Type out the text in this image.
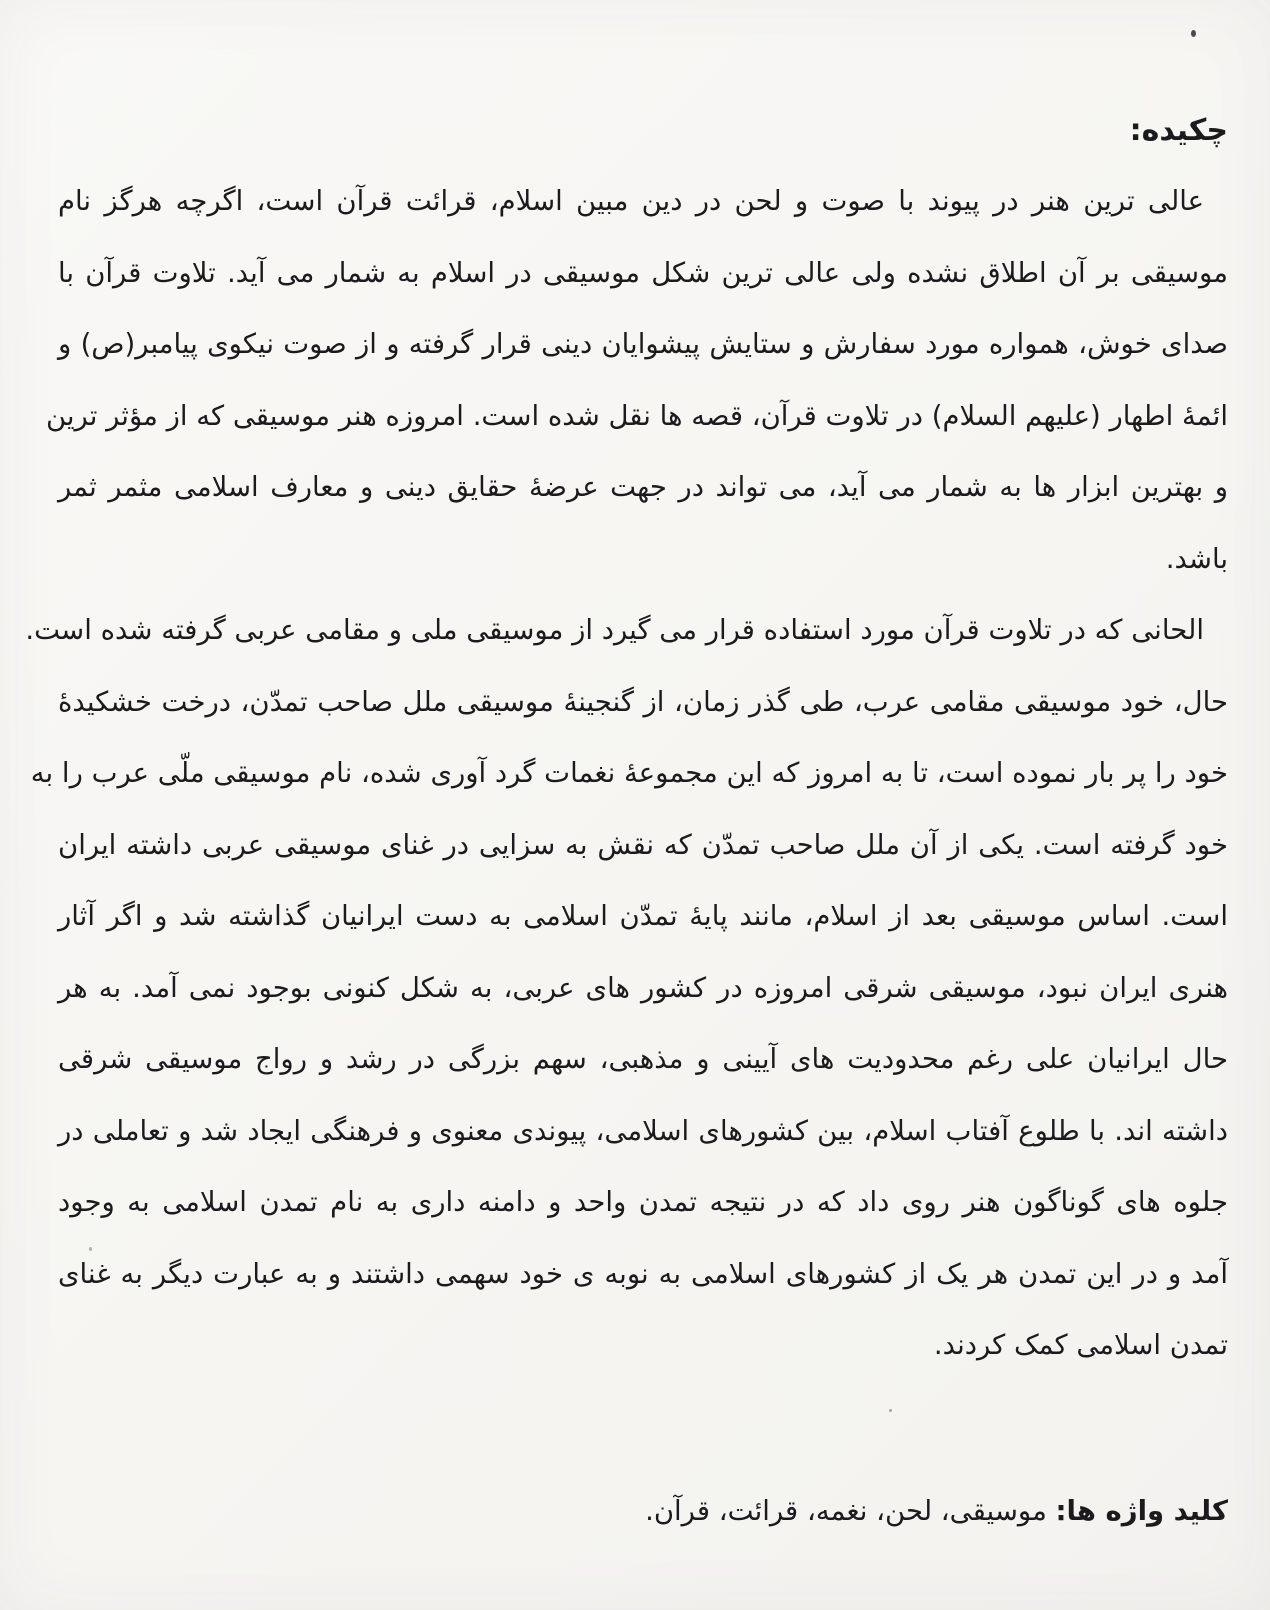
چکیده:
عالی ترین هنر در پیوند با صوت و لحن در دین مبین اسلام، قرائت قرآن است، اگرچه هرگز نام
موسیقی بر آن اطلاق نشده ولی عالی ترین شکل موسیقی در اسلام به شمار می آید. تلاوت قرآن با
صدای خوش، همواره مورد سفارش و ستایش پیشوایان دینی قرار گرفته و از صوت نیکوی پیامبر(ص) و
ائمهٔ اطهار (علیهم السلام) در تلاوت قرآن، قصه ها نقل شده است. امروزه هنر موسیقی که از مؤثر ترین
و بهترین ابزار ها به شمار می آید، می تواند در جهت عرضهٔ حقایق دینی و معارف اسلامی مثمر ثمر
باشد.
الحانی که در تلاوت قرآن مورد استفاده قرار می گیرد از موسیقی ملی و مقامی عربی گرفته شده است.
حال، خود موسیقی مقامی عرب، طی گذر زمان، از گنجینهٔ موسیقی ملل صاحب تمدّن، درخت خشکیدهٔ
خود را پر بار نموده است، تا به امروز که این مجموعهٔ نغمات گرد آوری شده، نام موسیقی ملّی عرب را به
خود گرفته است. یکی از آن ملل صاحب تمدّن که نقش به سزایی در غنای موسیقی عربی داشته ایران
است. اساس موسیقی بعد از اسلام، مانند پایهٔ تمدّن اسلامی به دست ایرانیان گذاشته شد و اگر آثار
هنری ایران نبود، موسیقی شرقی امروزه در کشور های عربی، به شکل کنونی بوجود نمی آمد. به هر
حال ایرانیان علی رغم محدودیت های آیینی و مذهبی، سهم بزرگی در رشد و رواج موسیقی شرقی
داشته اند. با طلوع آفتاب اسلام، بین کشورهای اسلامی، پیوندی معنوی و فرهنگی ایجاد شد و تعاملی در
جلوه های گوناگون هنر روی داد که در نتیجه تمدن واحد و دامنه داری به نام تمدن اسلامی به وجود
آمد و در این تمدن هر یک از کشورهای اسلامی به نوبه ی خود سهمی داشتند و به عبارت دیگر به غنای
تمدن اسلامی کمک کردند.
کلید واژه ها: موسیقی، لحن، نغمه، قرائت، قرآن.
